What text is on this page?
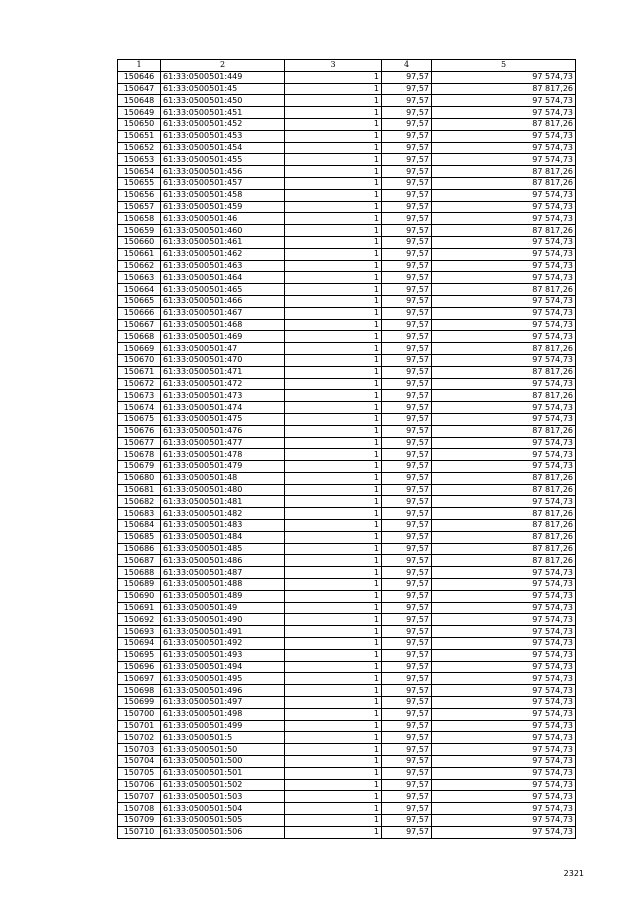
1	2	3	4	5
150646	61:33:0500501:449	1	97,57	97 574,73
150647	61:33:0500501:45	1	97,57	87 817,26
150648	61:33:0500501:450	1	97,57	97 574,73
150649	61:33:0500501:451	1	97,57	97 574,73
150650	61:33:0500501:452	1	97,57	87 817,26
150651	61:33:0500501:453	1	97,57	97 574,73
150652	61:33:0500501:454	1	97,57	97 574,73
150653	61:33:0500501:455	1	97,57	97 574,73
150654	61:33:0500501:456	1	97,57	87 817,26
150655	61:33:0500501:457	1	97,57	87 817,26
150656	61:33:0500501:458	1	97,57	97 574,73
150657	61:33:0500501:459	1	97,57	97 574,73
150658	61:33:0500501:46	1	97,57	97 574,73
150659	61:33:0500501:460	1	97,57	87 817,26
150660	61:33:0500501:461	1	97,57	97 574,73
150661	61:33:0500501:462	1	97,57	97 574,73
150662	61:33:0500501:463	1	97,57	97 574,73
150663	61:33:0500501:464	1	97,57	97 574,73
150664	61:33:0500501:465	1	97,57	87 817,26
150665	61:33:0500501:466	1	97,57	97 574,73
150666	61:33:0500501:467	1	97,57	97 574,73
150667	61:33:0500501:468	1	97,57	97 574,73
150668	61:33:0500501:469	1	97,57	97 574,73
150669	61:33:0500501:47	1	97,57	87 817,26
150670	61:33:0500501:470	1	97,57	97 574,73
150671	61:33:0500501:471	1	97,57	87 817,26
150672	61:33:0500501:472	1	97,57	97 574,73
150673	61:33:0500501:473	1	97,57	87 817,26
150674	61:33:0500501:474	1	97,57	97 574,73
150675	61:33:0500501:475	1	97,57	97 574,73
150676	61:33:0500501:476	1	97,57	87 817,26
150677	61:33:0500501:477	1	97,57	97 574,73
150678	61:33:0500501:478	1	97,57	97 574,73
150679	61:33:0500501:479	1	97,57	97 574,73
150680	61:33:0500501:48	1	97,57	87 817,26
150681	61:33:0500501:480	1	97,57	87 817,26
150682	61:33:0500501:481	1	97,57	97 574,73
150683	61:33:0500501:482	1	97,57	87 817,26
150684	61:33:0500501:483	1	97,57	87 817,26
150685	61:33:0500501:484	1	97,57	87 817,26
150686	61:33:0500501:485	1	97,57	87 817,26
150687	61:33:0500501:486	1	97,57	87 817,26
150688	61:33:0500501:487	1	97,57	97 574,73
150689	61:33:0500501:488	1	97,57	97 574,73
150690	61:33:0500501:489	1	97,57	97 574,73
150691	61:33:0500501:49	1	97,57	97 574,73
150692	61:33:0500501:490	1	97,57	97 574,73
150693	61:33:0500501:491	1	97,57	97 574,73
150694	61:33:0500501:492	1	97,57	97 574,73
150695	61:33:0500501:493	1	97,57	97 574,73
150696	61:33:0500501:494	1	97,57	97 574,73
150697	61:33:0500501:495	1	97,57	97 574,73
150698	61:33:0500501:496	1	97,57	97 574,73
150699	61:33:0500501:497	1	97,57	97 574,73
150700	61:33:0500501:498	1	97,57	97 574,73
150701	61:33:0500501:499	1	97,57	97 574,73
150702	61:33:0500501:5	1	97,57	97 574,73
150703	61:33:0500501:50	1	97,57	97 574,73
150704	61:33:0500501:500	1	97,57	97 574,73
150705	61:33:0500501:501	1	97,57	97 574,73
150706	61:33:0500501:502	1	97,57	97 574,73
150707	61:33:0500501:503	1	97,57	97 574,73
150708	61:33:0500501:504	1	97,57	97 574,73
150709	61:33:0500501:505	1	97,57	97 574,73
150710	61:33:0500501:506	1	97,57	97 574,73
2321
